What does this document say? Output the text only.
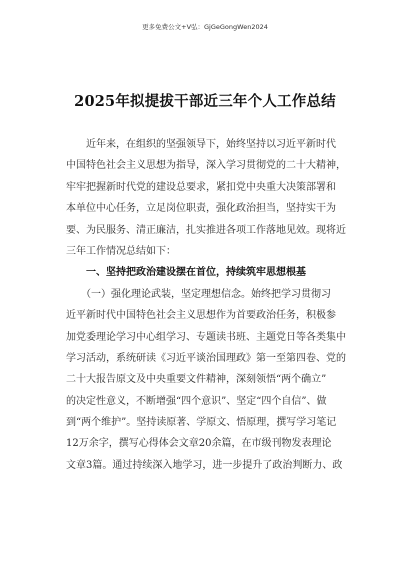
更多免费公文+V弘：GjGeGongWen2024
2025年拟提拔干部近三年个人工作总结
　　近年来，在组织的坚强领导下，始终坚持以习近平新时代
中国特色社会主义思想为指导，深入学习贯彻党的二十大精神，
牢牢把握新时代党的建设总要求，紧扣党中央重大决策部署和
本单位中心任务，立足岗位职责，强化政治担当，坚持实干为
要、为民服务、清正廉洁，扎实推进各项工作落地见效。现将近
三年工作情况总结如下：
　　一、坚持把政治建设摆在首位，持续筑牢思想根基
　　（一）强化理论武装，坚定理想信念。始终把学习贯彻习
近平新时代中国特色社会主义思想作为首要政治任务，积极参
加党委理论学习中心组学习、专题读书班、主题党日等各类集中
学习活动，系统研读《习近平谈治国理政》第一至第四卷、党的
二十大报告原文及中央重要文件精神，深刻领悟“两个确立”
的决定性意义，不断增强“四个意识”、坚定“四个自信”、做
到“两个维护”。坚持读原著、学原文、悟原理，撰写学习笔记
12万余字，撰写心得体会文章20余篇，在市级刊物发表理论
文章3篇。通过持续深入地学习，进一步提升了政治判断力、政
